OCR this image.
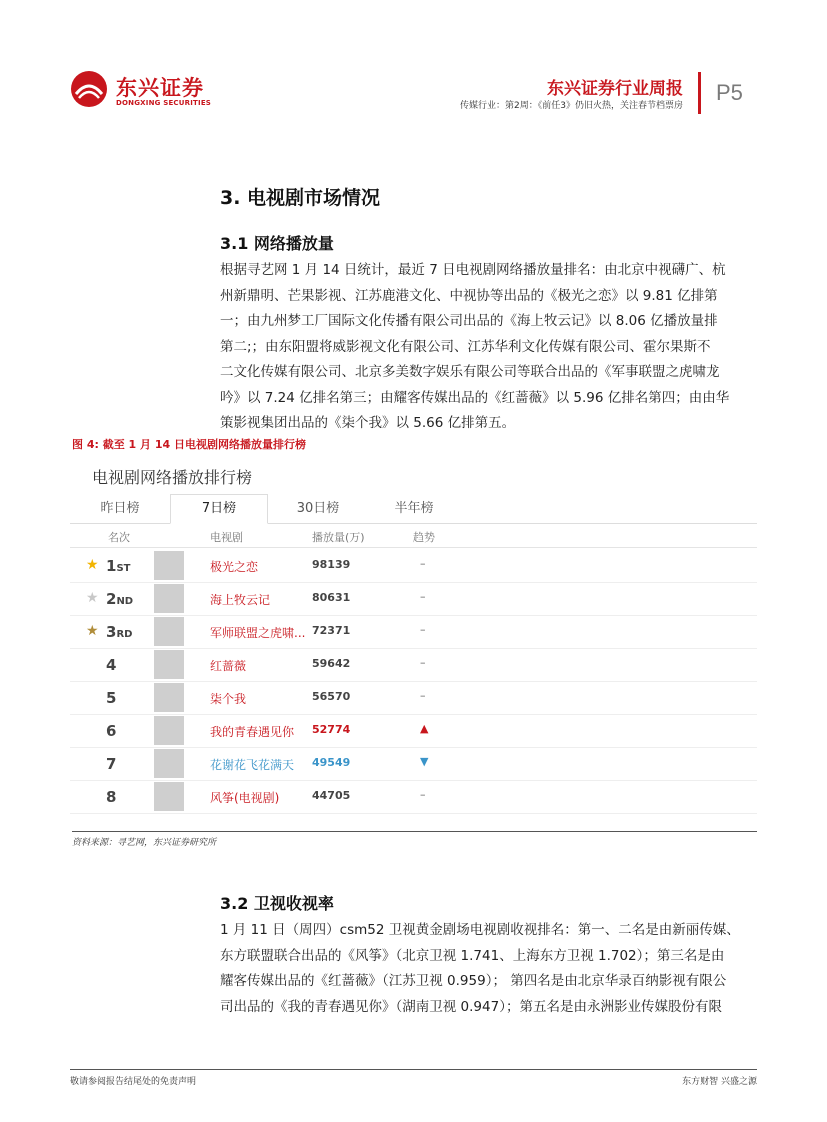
东兴证券
DONGXING SECURITIES
东兴证券行业周报
传媒行业：第2周：《前任3》仍旧火热，关注春节档票房
P5
3. 电视剧市场情况
3.1 网络播放量
根据寻艺网 1 月 14 日统计，最近 7 日电视剧网络播放量排名：由北京中视礴广、杭
州新鼎明、芒果影视、江苏鹿港文化、中视协等出品的《极光之恋》以 9.81 亿排第
一；由九州梦工厂国际文化传播有限公司出品的《海上牧云记》以 8.06 亿播放量排
第二;；由东阳盟将威影视文化有限公司、江苏华利文化传媒有限公司、霍尔果斯不
二文化传媒有限公司、北京多美数字娱乐有限公司等联合出品的《军事联盟之虎啸龙
吟》以 7.24 亿排名第三；由耀客传媒出品的《红蔷薇》以 5.96 亿排名第四；由由华
策影视集团出品的《柒个我》以 5.66 亿排第五。
图 4: 截至 1 月 14 日电视剧网络播放量排行榜
电视剧网络播放排行榜
昨日榜	7日榜	30日榜	半年榜
名次	电视剧	播放量(万)	趋势
★ 1ST	极光之恋	98139	–
★ 2ND	海上牧云记	80631	–
★ 3RD	军师联盟之虎啸... 72371	–
4	红蔷薇	59642	–
5	柒个我	56570	–
6	我的青春遇见你 52774	▲
7	花谢花飞花满天 49549	▼
8	风筝(电视剧)	44705	–
资料来源：寻艺网，东兴证券研究所
3.2 卫视收视率
1 月 11 日（周四）csm52 卫视黄金剧场电视剧收视排名：第一、二名是由新丽传媒、
东方联盟联合出品的《风筝》（北京卫视 1.741、上海东方卫视 1.702）；第三名是由
耀客传媒出品的《红蔷薇》（江苏卫视 0.959）； 第四名是由北京华录百纳影视有限公
司出品的《我的青春遇见你》（湖南卫视 0.947）；第五名是由永洲影业传媒股份有限
敬请参阅报告结尾处的免责声明	东方财智 兴盛之源
